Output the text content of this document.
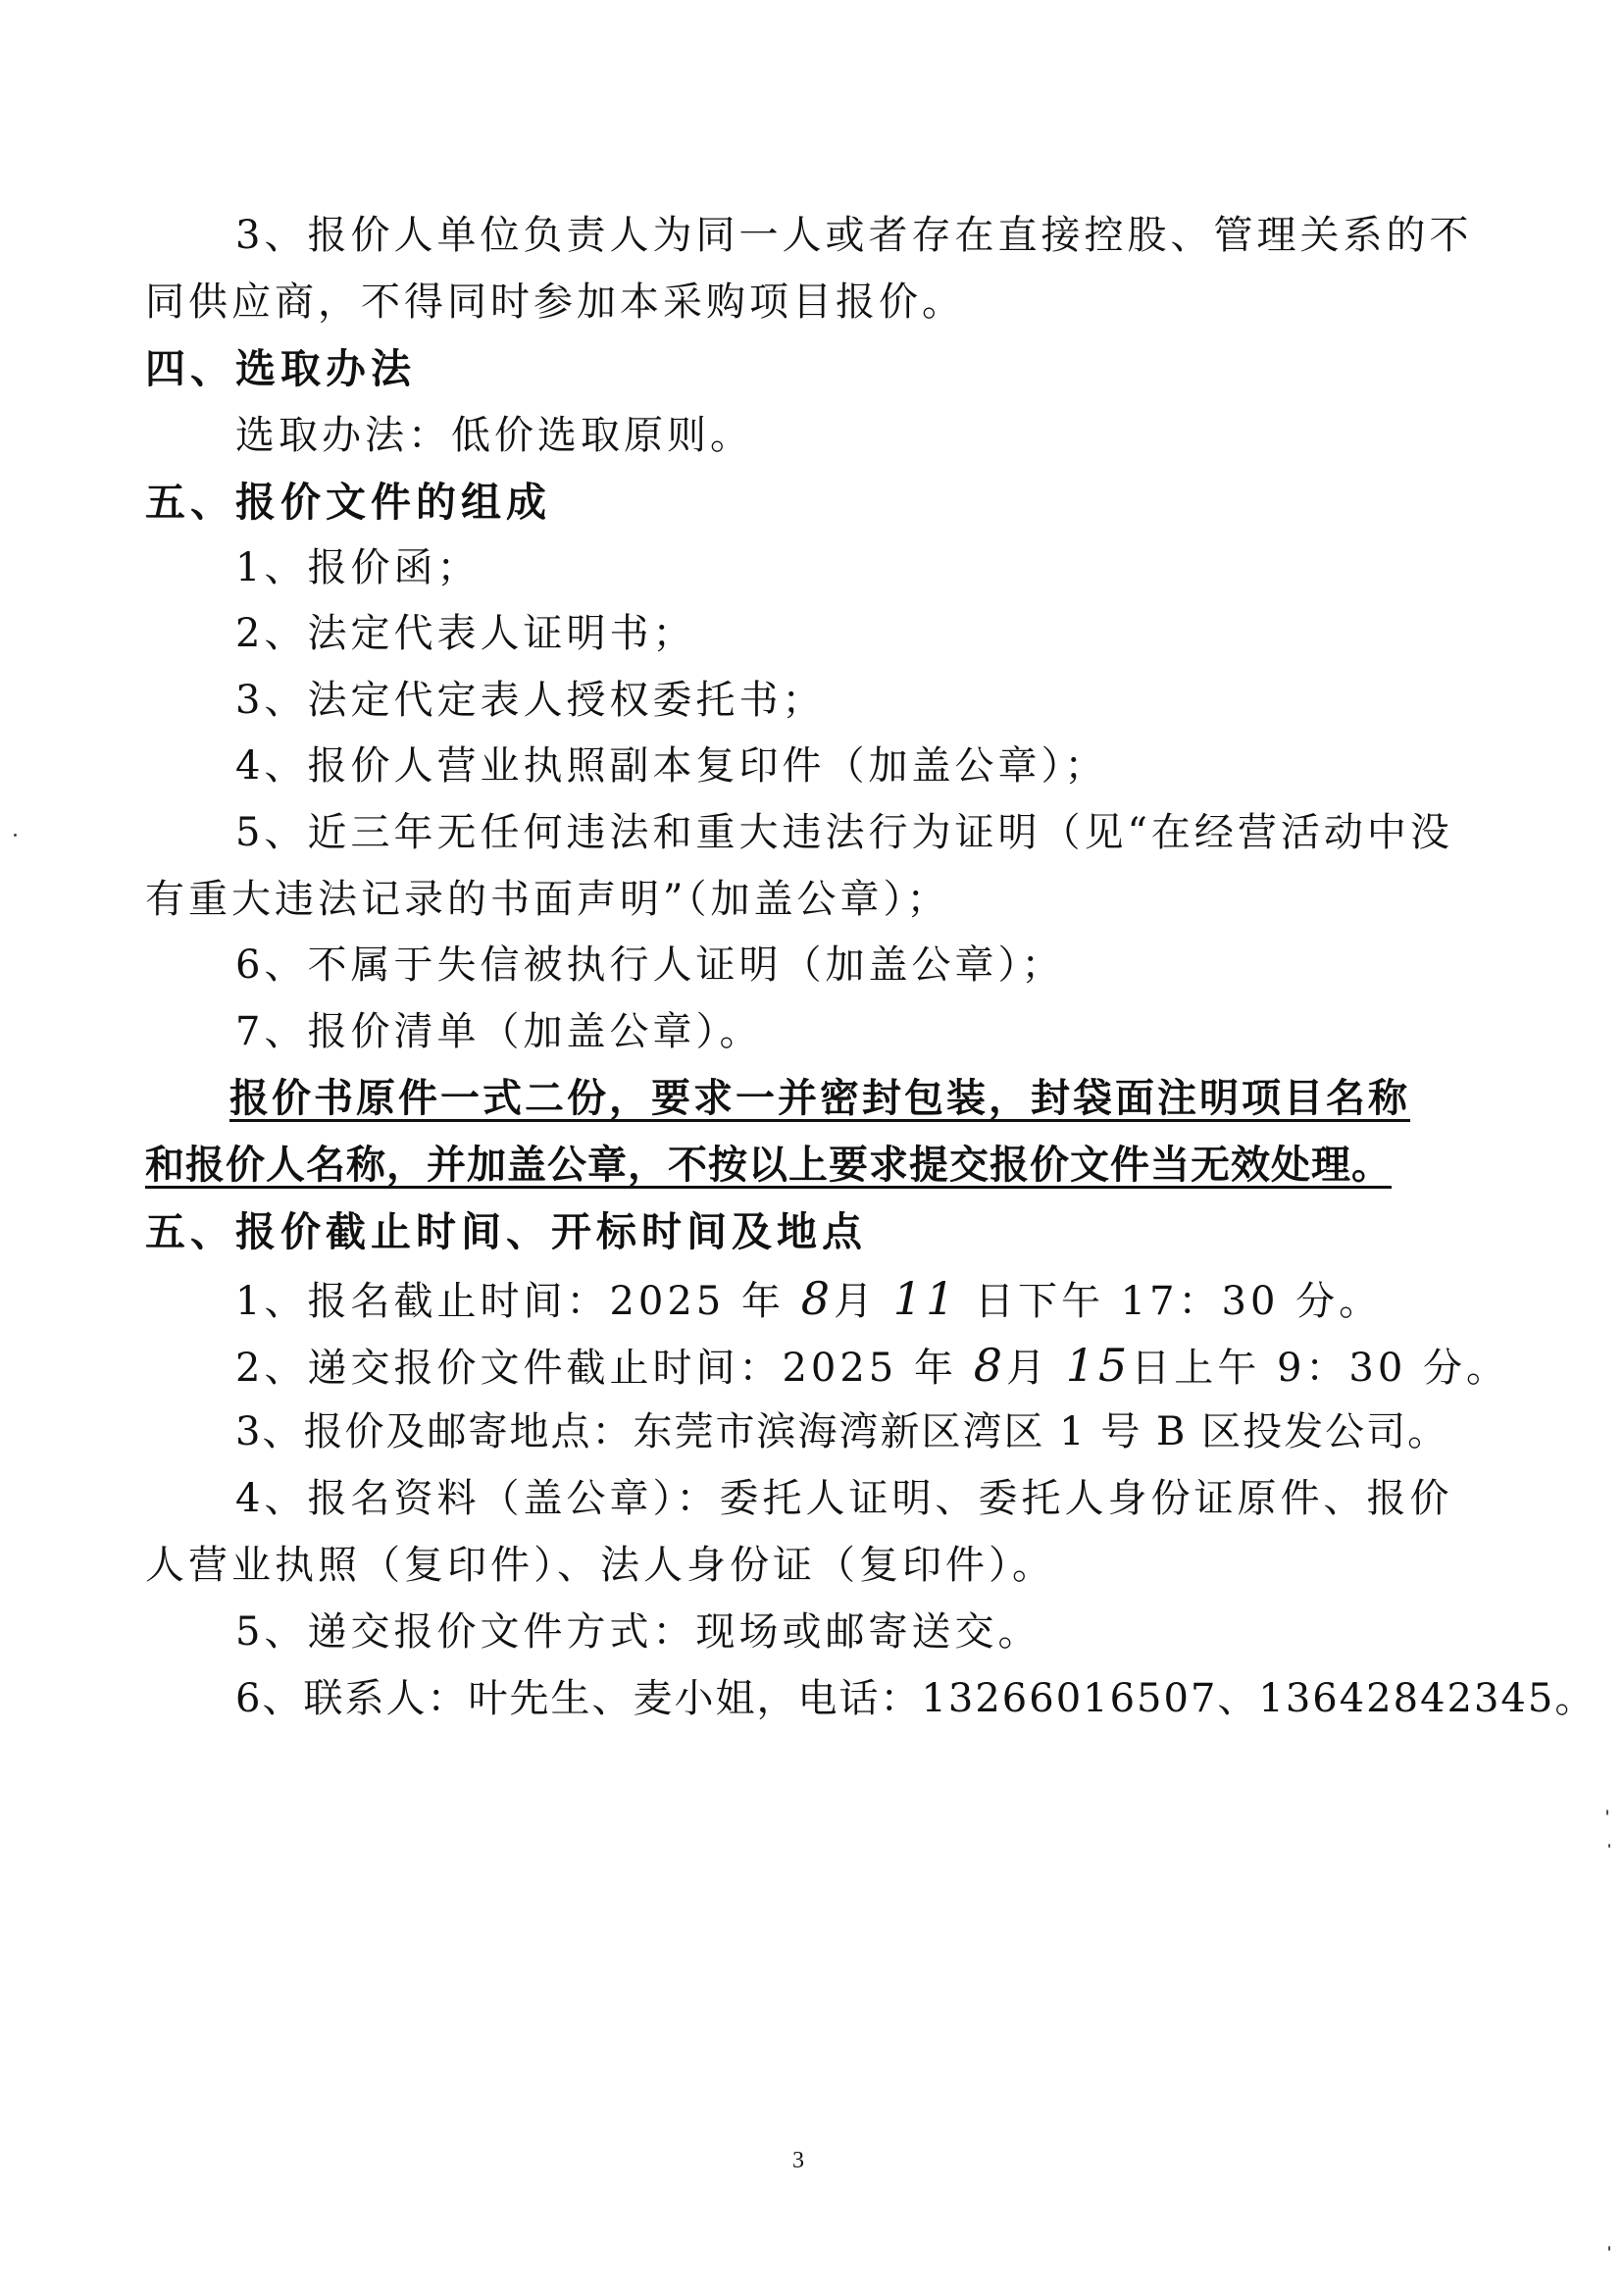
3、报价人单位负责人为同一人或者存在直接控股、管理关系的不
同供应商，不得同时参加本采购项目报价。
四、选取办法
选取办法：低价选取原则。
五、报价文件的组成
1、报价函；
2、法定代表人证明书；
3、法定代定表人授权委托书；
4、报价人营业执照副本复印件（加盖公章）；
5、近三年无任何违法和重大违法行为证明（见“在经营活动中没
有重大违法记录的书面声明”（加盖公章）；
6、不属于失信被执行人证明（加盖公章）；
7、报价清单（加盖公章）。
报价书原件一式二份，要求一并密封包装，封袋面注明项目名称
和报价人名称，并加盖公章，不按以上要求提交报价文件当无效处理。
五、报价截止时间、开标时间及地点
1、报名截止时间：2025 年 8月 11 日下午 17：30 分。
2、递交报价文件截止时间：2025 年 8月 15日上午 9：30 分。
3、报价及邮寄地点：东莞市滨海湾新区湾区 1 号 B 区投发公司。
4、报名资料（盖公章）：委托人证明、委托人身份证原件、报价
人营业执照（复印件）、法人身份证（复印件）。
5、递交报价文件方式：现场或邮寄送交。
6、联系人：叶先生、麦小姐，电话：13266016507、13642842345。
3
